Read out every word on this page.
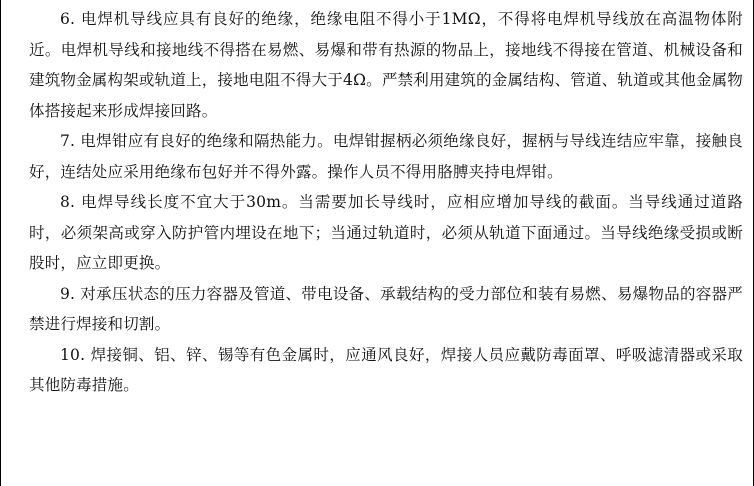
6. 电焊机导线应具有良好的绝缘，绝缘电阻不得小于1MΩ，不得将电焊机导线放在高温物体附近。电焊机导线和接地线不得搭在易燃、易爆和带有热源的物品上，接地线不得接在管道、机械设备和建筑物金属构架或轨道上，接地电阻不得大于4Ω。严禁利用建筑的金属结构、管道、轨道或其他金属物体搭接起来形成焊接回路。

7. 电焊钳应有良好的绝缘和隔热能力。电焊钳握柄必须绝缘良好，握柄与导线连结应牢靠，接触良好，连结处应采用绝缘布包好并不得外露。操作人员不得用胳膊夹持电焊钳。

8. 电焊导线长度不宜大于30m。当需要加长导线时，应相应增加导线的截面。当导线通过道路时，必须架高或穿入防护管内埋设在地下；当通过轨道时，必须从轨道下面通过。当导线绝缘受损或断股时，应立即更换。

9. 对承压状态的压力容器及管道、带电设备、承载结构的受力部位和装有易燃、易爆物品的容器严禁进行焊接和切割。

10. 焊接铜、铝、锌、锡等有色金属时，应通风良好，焊接人员应戴防毒面罩、呼吸滤清器或采取其他防毒措施。
